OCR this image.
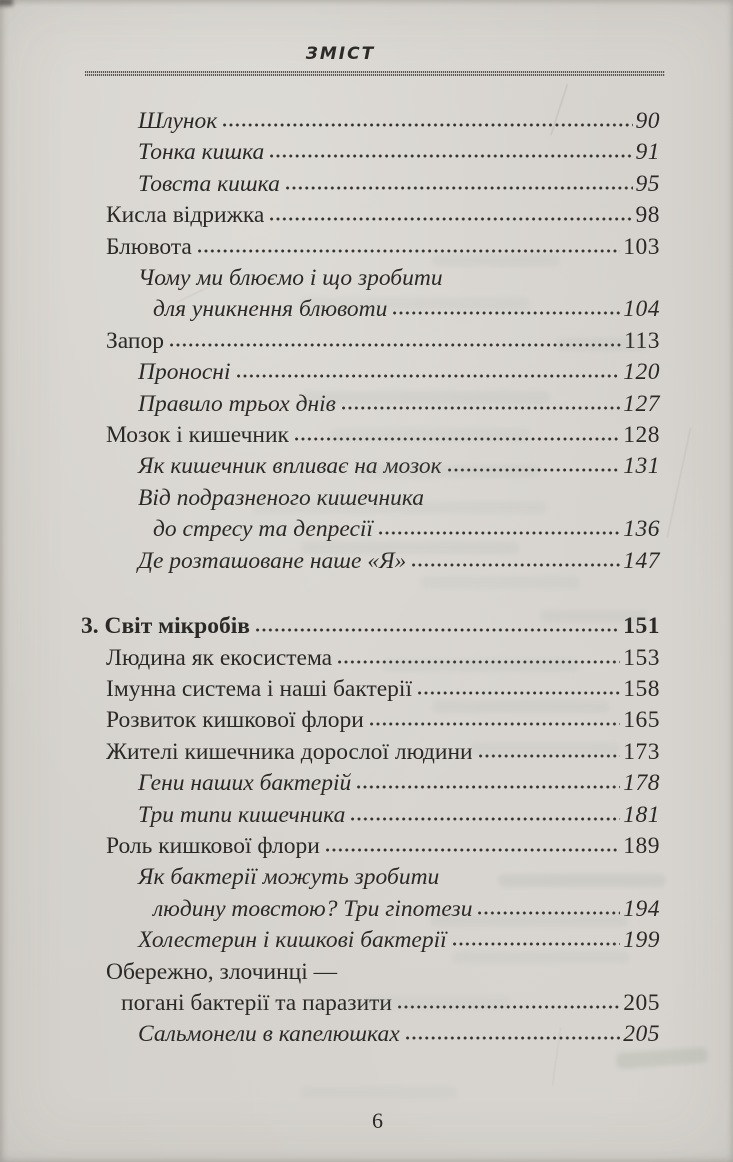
ЗМІСТ
Шлунок	90
Тонка кишка	91
Товста кишка	95
Кисла відрижка	98
Блювота	103
Чому ми блюємо і що зробити
для уникнення блювоти	104
Запор	113
Проносні	120
Правило трьох днів	127
Мозок і кишечник	128
Як кишечник впливає на мозок	131
Від подразненого кишечника
до стресу та депресії	136
Де розташоване наше «Я»	147
3. Світ мікробів	151
Людина як екосистема	153
Імунна система і наші бактерії	158
Розвиток кишкової флори	165
Жителі кишечника дорослої людини	173
Гени наших бактерій	178
Три типи кишечника	181
Роль кишкової флори	189
Як бактерії можуть зробити
людину товстою? Три гіпотези	194
Холестерин і кишкові бактерії	199
Обережно, злочинці —
погані бактерії та паразити	205
Сальмонели в капелюшках	205
6
